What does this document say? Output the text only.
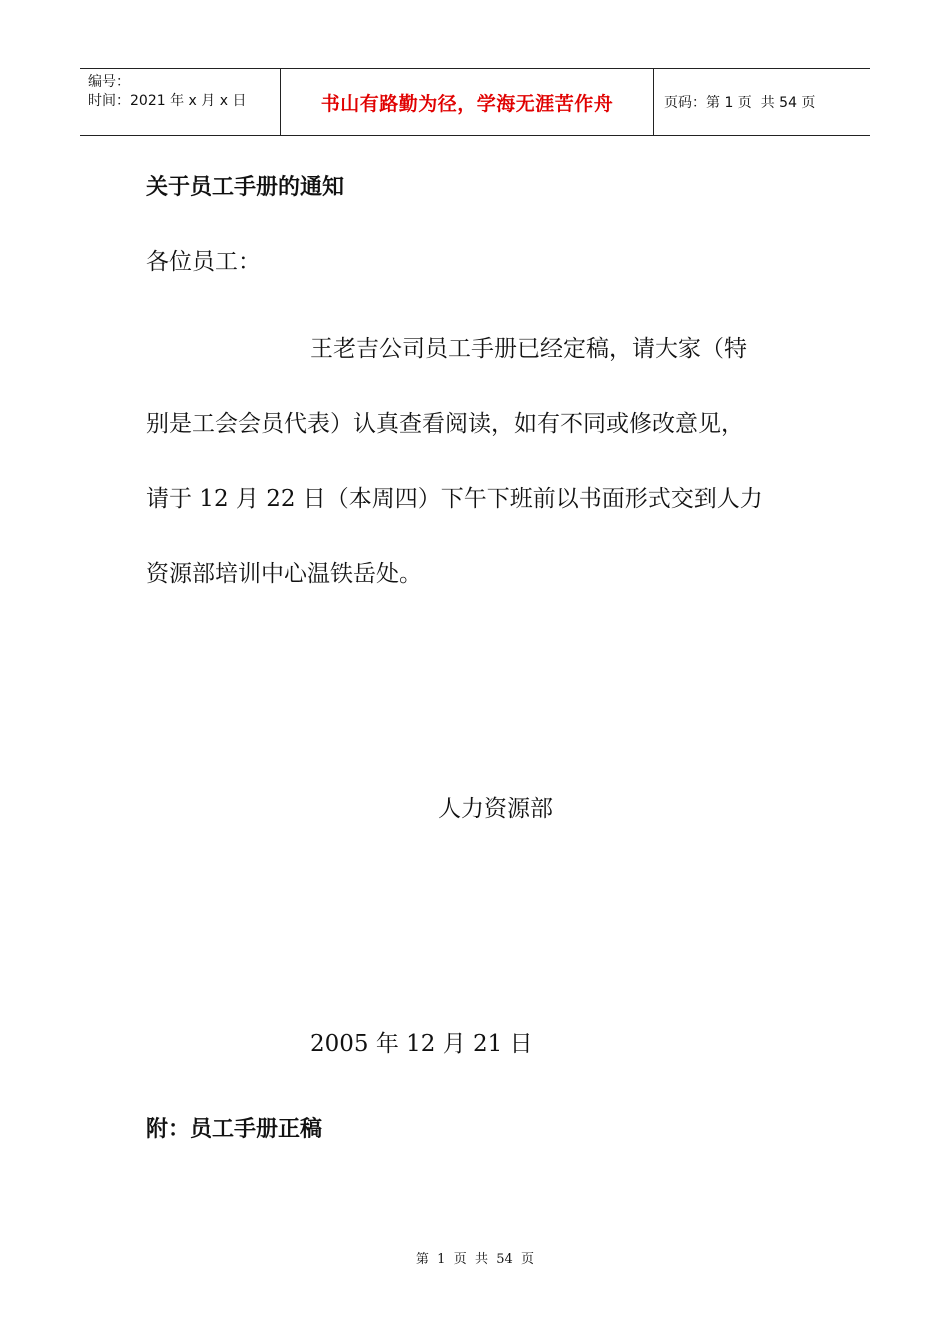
编号：
时间：2021 年 x 月 x 日	书山有路勤为径，学海无涯苦作舟	页码：第 1 页  共 54 页
关于员工手册的通知
各位员工：
王老吉公司员工手册已经定稿，请大家（特
别是工会会员代表）认真查看阅读，如有不同或修改意见，
请于 12 月 22 日（本周四）下午下班前以书面形式交到人力
资源部培训中心温铁岳处。
人力资源部
2005 年 12 月 21 日
附：员工手册正稿
第  1  页  共  54  页
